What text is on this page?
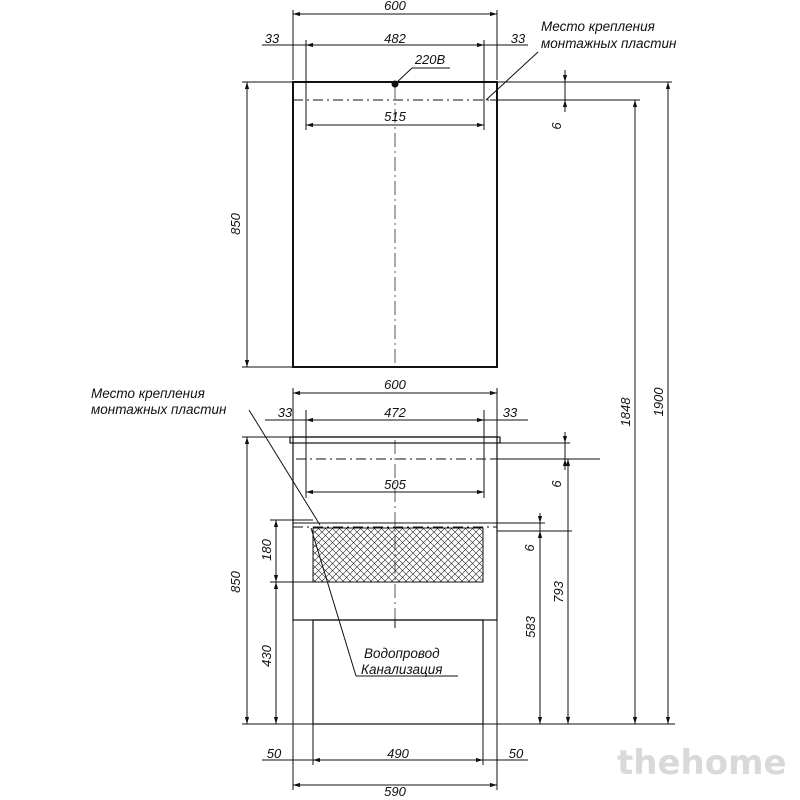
600
33	482	33
220В
515
6
850
Место крепления
монтажных пластин
600
Место крепления
монтажных пластин	33	472	33
505	6
6
180
850
430
583
793
Водопровод
Канализация
50	490	50
590
1848 1900
thehome
